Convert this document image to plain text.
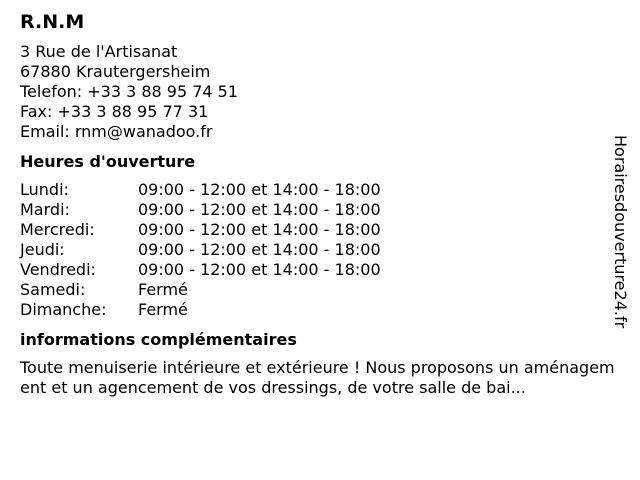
R.N.M
3 Rue de l'Artisanat
67880 Krautergersheim
Telefon: +33 3 88 95 74 51
Fax: +33 3 88 95 77 31
Email: rnm@wanadoo.fr
Heures d'ouverture
Lundi:	09:00 - 12:00 et 14:00 - 18:00
Mardi:	09:00 - 12:00 et 14:00 - 18:00
Mercredi:	09:00 - 12:00 et 14:00 - 18:00
Jeudi:	09:00 - 12:00 et 14:00 - 18:00
Vendredi:	09:00 - 12:00 et 14:00 - 18:00
Samedi:	Fermé
Dimanche:	Fermé
informations complémentaires
Toute menuiserie intérieure et extérieure ! Nous proposons un aménagement et un agencement de vos dressings, de votre salle de bai...
Horairesdouverture24.fr
